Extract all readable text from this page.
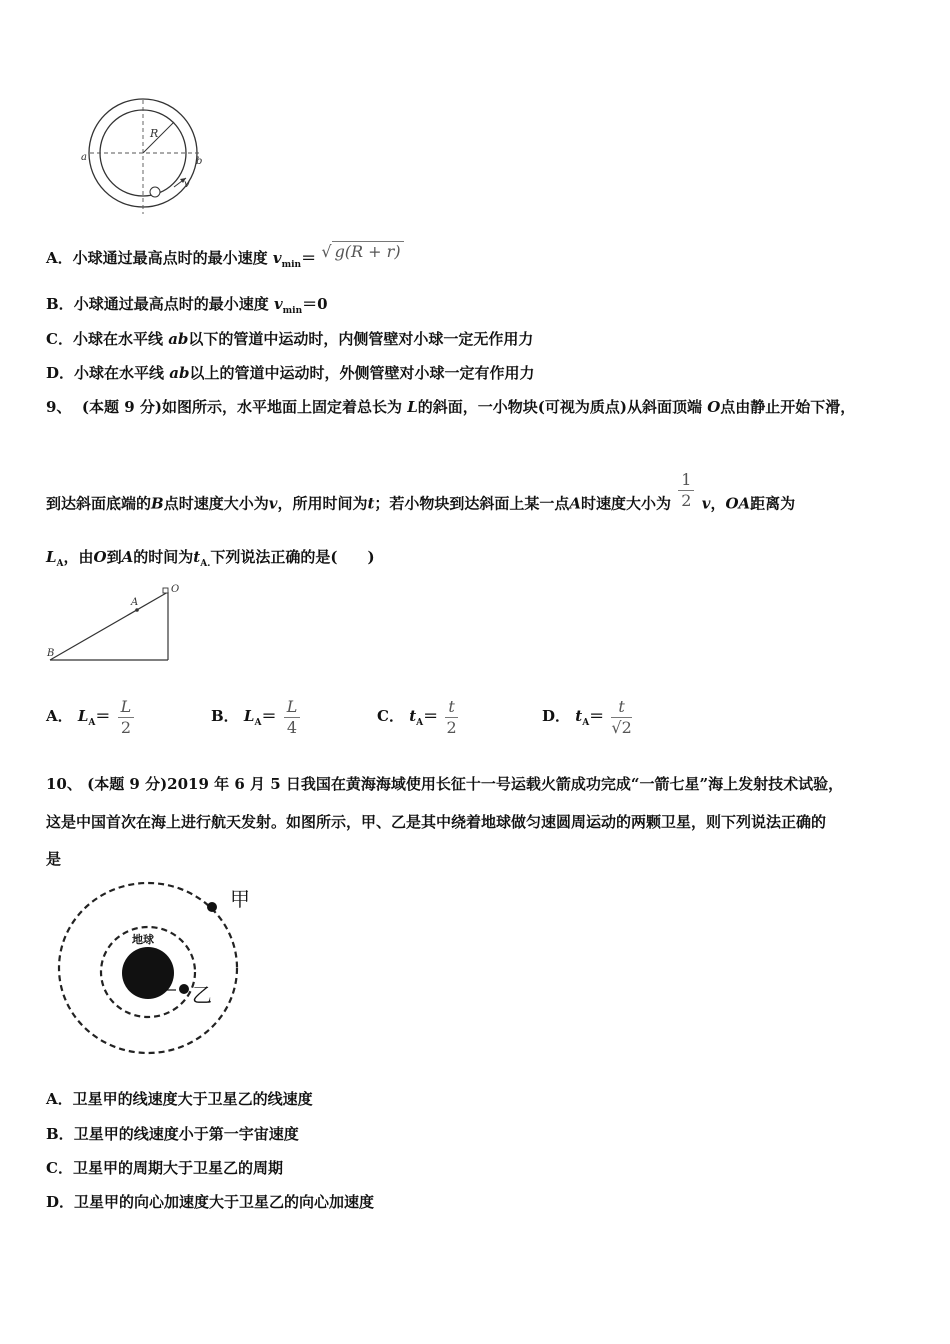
R
a	b
v
A．小球通过最高点时的最小速度 $v_{min}=$ √ g(R + r)
B．小球通过最高点时的最小速度 $v_{min}=0$
C．小球在水平线 ab以下的管道中运动时，内侧管壁对小球一定无作用力
D．小球在水平线 ab以上的管道中运动时，外侧管壁对小球一定有作用力
9、 (本题 9 分)如图所示，水平地面上固定着总长为 L的斜面，一小物块(可视为质点)从斜面顶端 O点由静止开始下滑，
到达斜面底端的B点时速度大小为v，所用时间为t；若小物块到达斜面上某一点A时速度大小为 $\frac{1}{2}$ v，OA距离为
$L_A$，由O到A的时间为$t_{A.}$下列说法正确的是(　　)
A
O
B
A． $L_A= \frac{L}{2}$	B． $L_A= \frac{L}{4}$	C． $t_A= \frac{t}{2}$	D． $t_A= \frac{t}{√2}$
10、 (本题 9 分)2019 年 6 月 5 日我国在黄海海域使用长征十一号运载火箭成功完成“一箭七星”海上发射技术试验，
这是中国首次在海上进行航天发射。如图所示，甲、乙是其中绕着地球做匀速圆周运动的两颗卫星，则下列说法正确的
是
地球
甲
乙
A．卫星甲的线速度大于卫星乙的线速度
B．卫星甲的线速度小于第一宇宙速度
C．卫星甲的周期大于卫星乙的周期
D．卫星甲的向心加速度大于卫星乙的向心加速度
